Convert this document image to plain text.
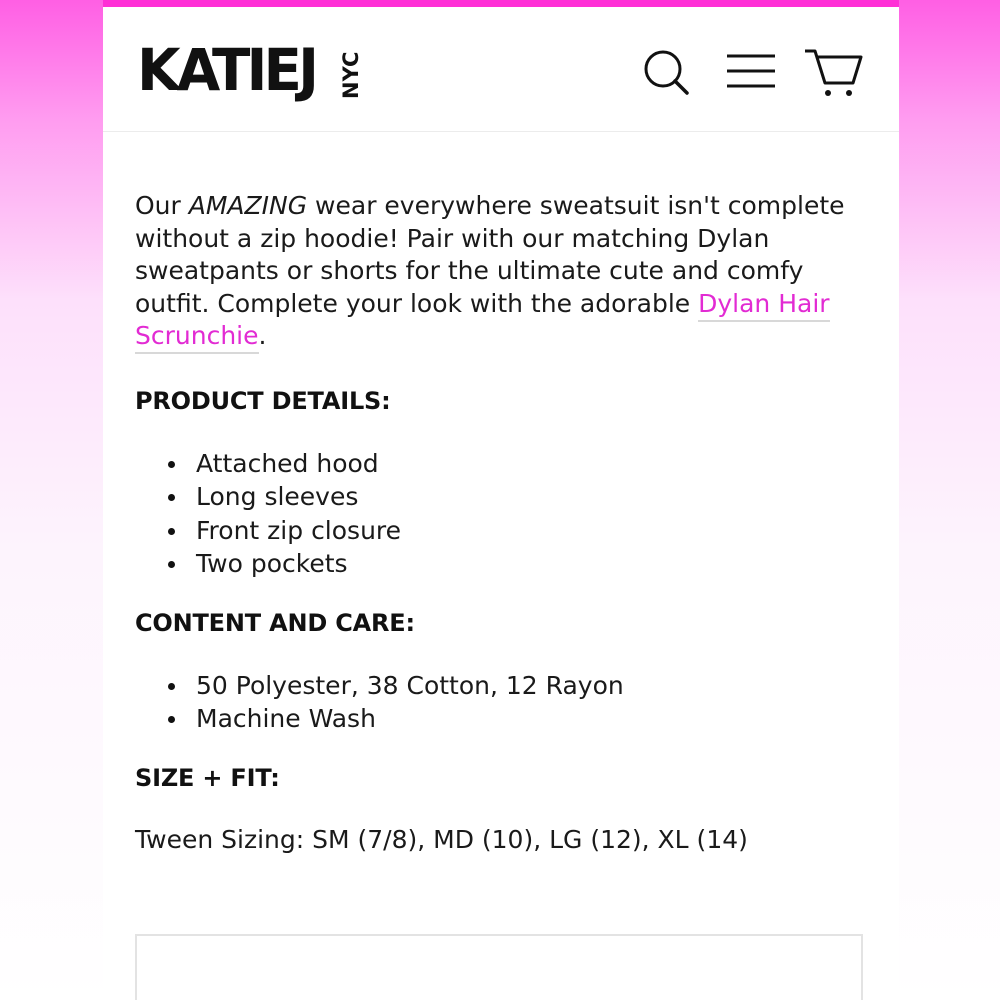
KATIEJ NYC

Our AMAZING wear everywhere sweatsuit isn't complete without a zip hoodie! Pair with our matching Dylan sweatpants or shorts for the ultimate cute and comfy outfit. Complete your look with the adorable Dylan Hair Scrunchie.

PRODUCT DETAILS:
Attached hood
Long sleeves
Front zip closure
Two pockets
CONTENT AND CARE:
50 Polyester, 38 Cotton, 12 Rayon
Machine Wash
SIZE + FIT:

Tween Sizing: SM (7/8), MD (10), LG (12), XL (14)
